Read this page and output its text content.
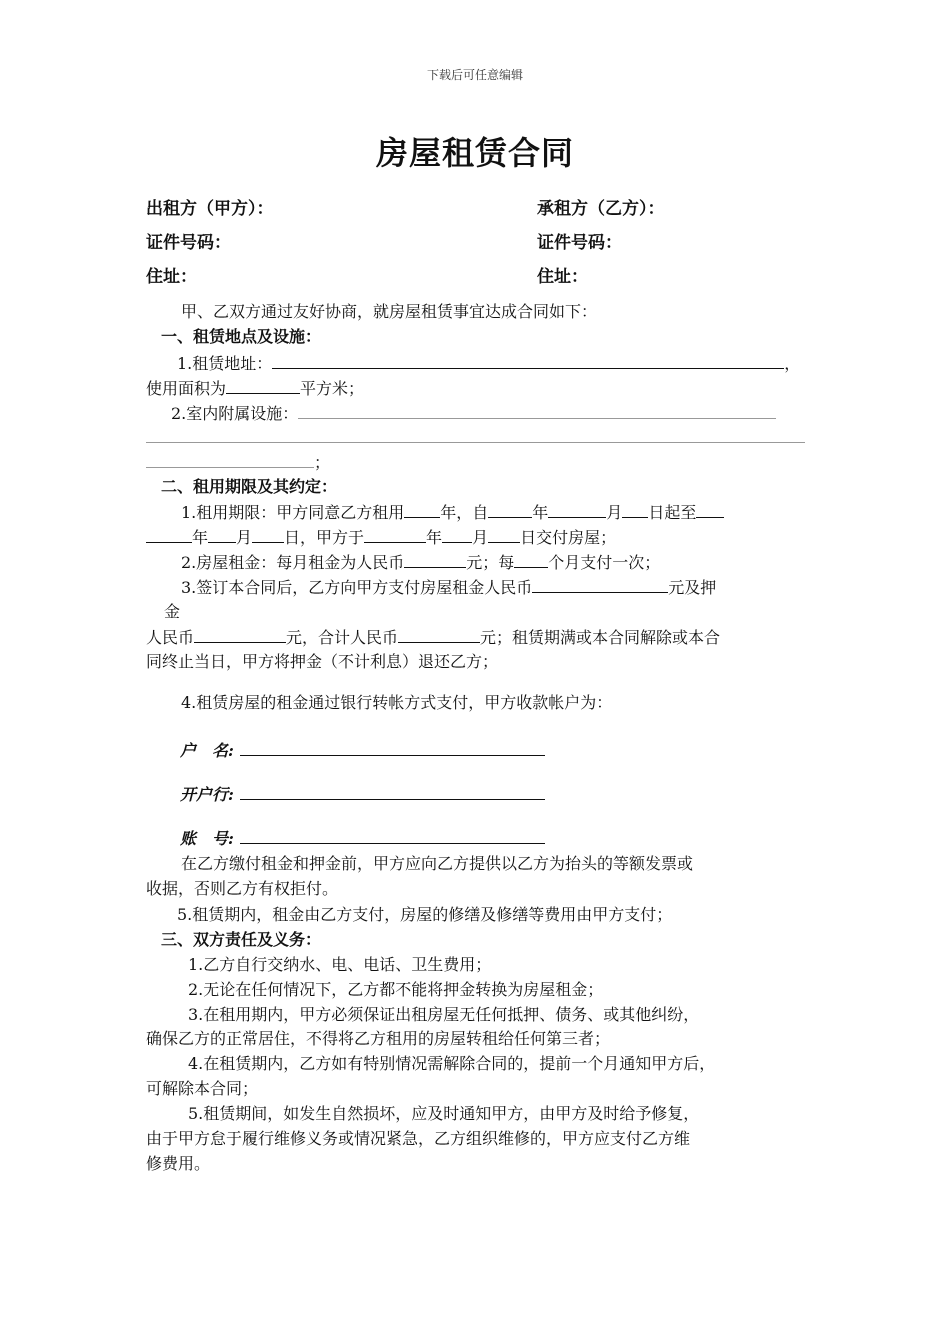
下载后可任意编辑
房屋租赁合同
出租方（甲方）：	承租方（乙方）：
证件号码：	证件号码：
住址：	住址：
甲、乙双方通过友好协商，就房屋租赁事宜达成合同如下：
一、租赁地点及设施：
1.租赁地址：	，
使用面积为	平方米；
2.室内附属设施：
；
二、租用期限及其约定：
1.租用期限：甲方同意乙方租用 年，自	年	月 日起至
年 月 日，甲方于	年 月 日交付房屋；
2.房屋租金：每月租金为人民币	元；每 个月支付一次；
3.签订本合同后，乙方向甲方支付房屋租金人民币	元及押
金
人民币	元，合计人民币	元；租赁期满或本合同解除或本合
同终止当日，甲方将押金（不计利息）退还乙方；
4.租赁房屋的租金通过银行转帐方式支付，甲方收款帐户为：
户　名:
开户行:
账　号:
在乙方缴付租金和押金前，甲方应向乙方提供以乙方为抬头的等额发票或
收据，否则乙方有权拒付。
5.租赁期内，租金由乙方支付，房屋的修缮及修缮等费用由甲方支付；
三、双方责任及义务：
1.乙方自行交纳水、电、电话、卫生费用；
2.无论在任何情况下，乙方都不能将押金转换为房屋租金；
3.在租用期内，甲方必须保证出租房屋无任何抵押、债务、或其他纠纷，
确保乙方的正常居住，不得将乙方租用的房屋转租给任何第三者；
4.在租赁期内，乙方如有特别情况需解除合同的，提前一个月通知甲方后，
可解除本合同；
5.租赁期间，如发生自然损坏，应及时通知甲方，由甲方及时给予修复，
由于甲方怠于履行维修义务或情况紧急，乙方组织维修的，甲方应支付乙方维
修费用。
